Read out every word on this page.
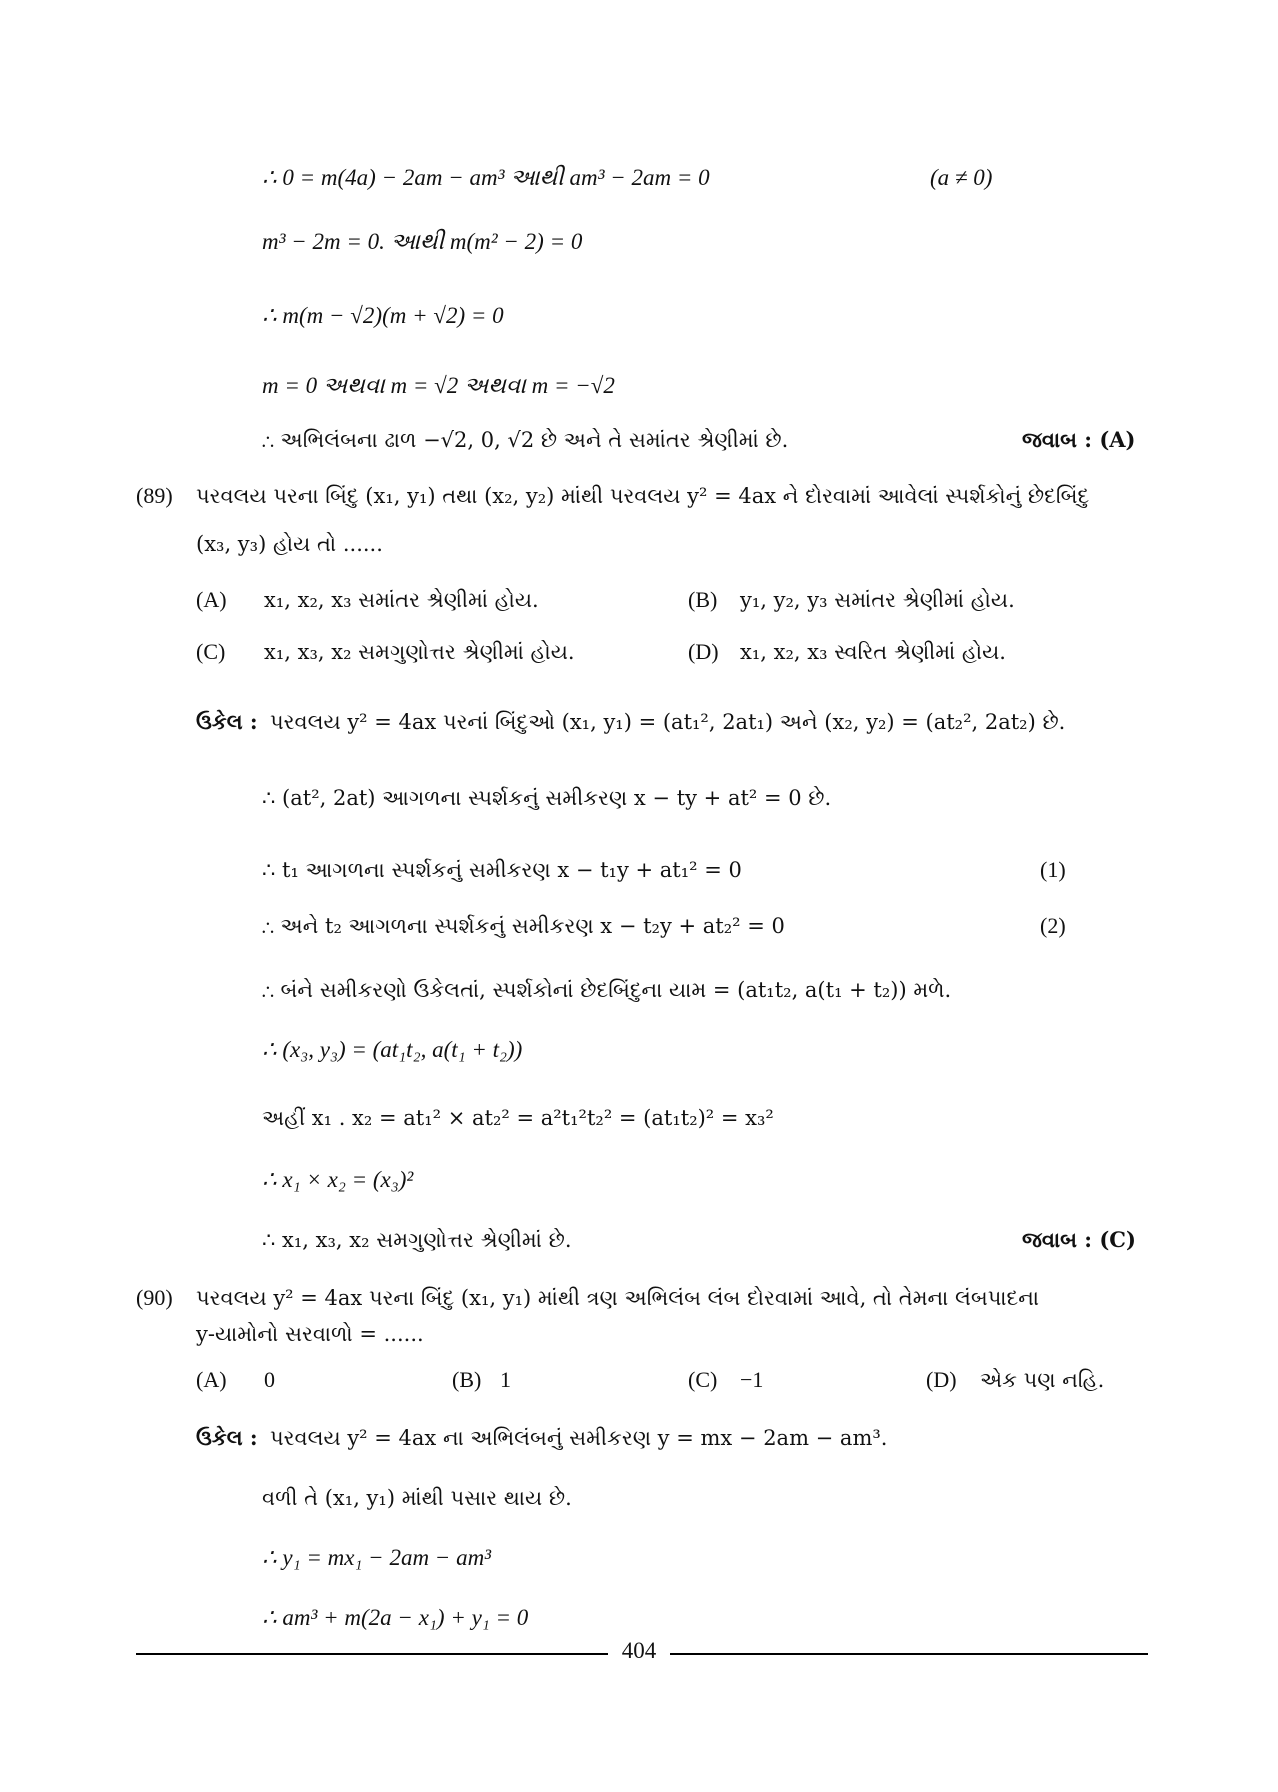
∴ 0 = m(4a) − 2am − am³ આથી am³ − 2am = 0	(a ≠ 0)
m³ − 2m = 0. આથી m(m² − 2) = 0
∴ m(m − √2)(m + √2) = 0
m = 0 અથવા m = √2 અથવા m = −√2
∴ અભિલંબના ઢાળ −√2, 0, √2 છે અને તે સમાંતર શ્રેણીમાં છે.	જવાબ : (A)
(89) પરવલય પરના બિંદુ (x₁, y₁) તથા (x₂, y₂) માંથી પરવલય y² = 4ax ને દોરવામાં આવેલાં સ્પર્શકોનું છેદબિંદુ
(x₃, y₃) હોય તો ......
(A) x₁, x₂, x₃ સમાંતર શ્રેણીમાં હોય.	(B) y₁, y₂, y₃ સમાંતર શ્રેણીમાં હોય.
(C) x₁, x₃, x₂ સમગુણોત્તર શ્રેણીમાં હોય.	(D) x₁, x₂, x₃ સ્વરિત શ્રેણીમાં હોય.
ઉકેલ : પરવલય y² = 4ax પરનાં બિંદુઓ (x₁, y₁) = (at₁², 2at₁) અને (x₂, y₂) = (at₂², 2at₂) છે.
∴ (at², 2at) આગળના સ્પર્શકનું સમીકરણ x − ty + at² = 0 છે.
∴ t₁ આગળના સ્પર્શકનું સમીકરણ x − t₁y + at₁² = 0	(1)
∴ અને t₂ આગળના સ્પર્શકનું સમીકરણ x − t₂y + at₂² = 0	(2)
∴ બંને સમીકરણો ઉકેલતાં, સ્પર્શકોનાં છેદબિંદુના યામ = (at₁t₂, a(t₁ + t₂)) મળે.
∴ (x₃, y₃) = (at₁t₂, a(t₁ + t₂))
અહીં x₁ . x₂ = at₁² × at₂² = a²t₁²t₂² = (at₁t₂)² = x₃²
∴ x₁ × x₂ = (x₃)²
∴ x₁, x₃, x₂ સમગુણોત્તર શ્રેણીમાં છે.	જવાબ : (C)
(90) પરવલય y² = 4ax પરના બિંદુ (x₁, y₁) માંથી ત્રણ અભિલંબ લંબ દોરવામાં આવે, તો તેમના લંબપાદના
y-યામોનો સરવાળો = ......
(A) 0	(B) 1	(C) −1	(D) એક પણ નહિ.
ઉકેલ : પરવલય y² = 4ax ના અભિલંબનું સમીકરણ y = mx − 2am − am³.
વળી તે (x₁, y₁) માંથી પસાર થાય છે.
∴ y₁ = mx₁ − 2am − am³
∴ am³ + m(2a − x₁) + y₁ = 0
404
